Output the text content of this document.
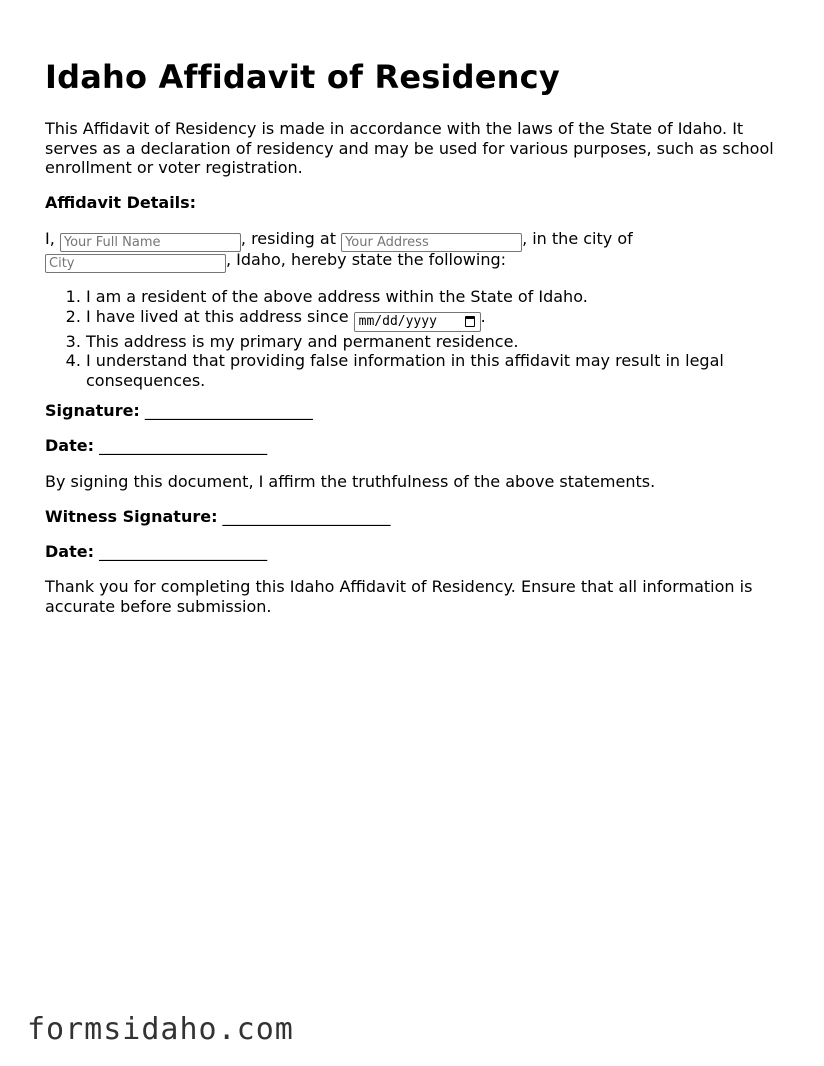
Idaho Affidavit of Residency

This Affidavit of Residency is made in accordance with the laws of the State of Idaho. It serves as a declaration of residency and may be used for various purposes, such as school enrollment or voter registration.

Affidavit Details:

I, Your Full Name	, residing at Your Address	, in the city of
City, Idaho, hereby state the following:
1. I am a resident of the above address within the State of Idaho.
2. I have lived at this address since mm/dd/yyyy	.
3. This address is my primary and permanent residence.
4. I understand that providing false information in this affidavit may result in legal consequences.

Signature: _____________________

Date: _____________________

By signing this document, I affirm the truthfulness of the above statements.

Witness Signature: _____________________

Date: _____________________

Thank you for completing this Idaho Affidavit of Residency. Ensure that all information is accurate before submission.

formsidaho.com
